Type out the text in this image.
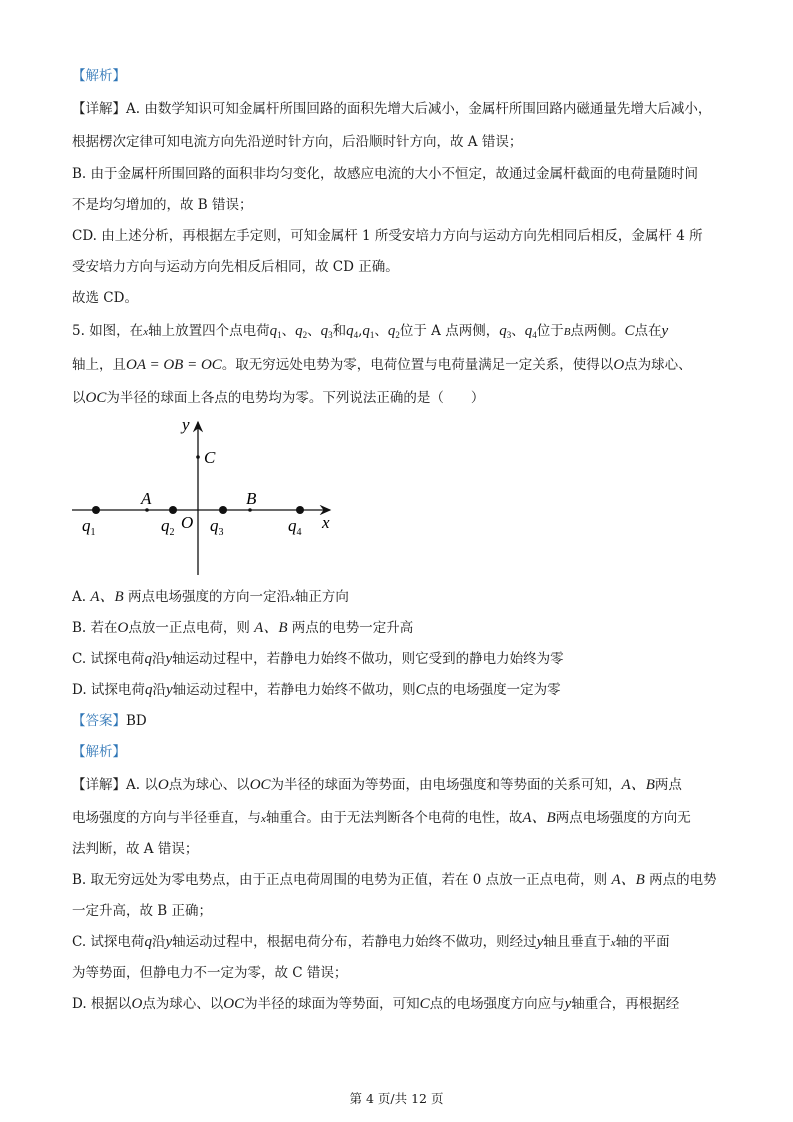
【解析】
【详解】A. 由数学知识可知金属杆所围回路的面积先增大后减小，金属杆所围回路内磁通量先增大后减小，
根据楞次定律可知电流方向先沿逆时针方向，后沿顺时针方向，故 A 错误；
B. 由于金属杆所围回路的面积非均匀变化，故感应电流的大小不恒定，故通过金属杆截面的电荷量随时间
不是均匀增加的，故 B 错误；
CD. 由上述分析，再根据左手定则，可知金属杆 1 所受安培力方向与运动方向先相同后相反，金属杆 4 所
受安培力方向与运动方向先相反后相同，故 CD 正确。
故选 CD。
5. 如图，在x轴上放置四个点电荷$q_1$、$q_2$、$q_3$和$q_4,q_1$、$q_2$位于 A 点两侧，$q_3$、$q_4$位于B点两侧。C点在y
轴上，且OA = OB = OC。取无穷远处电势为零，电荷位置与电荷量满足一定关系，使得以O点为球心、
以OC为半径的球面上各点的电势均为零。下列说法正确的是（　　）
y
x
C
A	B
O
$q_1$	$q_2$ $q_3$	$q_4$
A. A、B 两点电场强度的方向一定沿x轴正方向
B. 若在O点放一正点电荷，则 A、B 两点的电势一定升高
C. 试探电荷q沿y轴运动过程中，若静电力始终不做功，则它受到的静电力始终为零
D. 试探电荷q沿y轴运动过程中，若静电力始终不做功，则C点的电场强度一定为零
【答案】BD
【解析】
【详解】A. 以O点为球心、以OC为半径的球面为等势面，由电场强度和等势面的关系可知，A、B两点
电场强度的方向与半径垂直，与x轴重合。由于无法判断各个电荷的电性，故A、B两点电场强度的方向无
法判断，故 A 错误；
B. 取无穷远处为零电势点，由于正点电荷周围的电势为正值，若在 0 点放一正点电荷，则 A、B 两点的电势
一定升高，故 B 正确；
C. 试探电荷q沿y轴运动过程中，根据电荷分布，若静电力始终不做功，则经过y轴且垂直于x轴的平面
为等势面，但静电力不一定为零，故 C 错误；
D. 根据以O点为球心、以OC为半径的球面为等势面，可知C点的电场强度方向应与y轴重合，再根据经
第 4 页/共 12 页
